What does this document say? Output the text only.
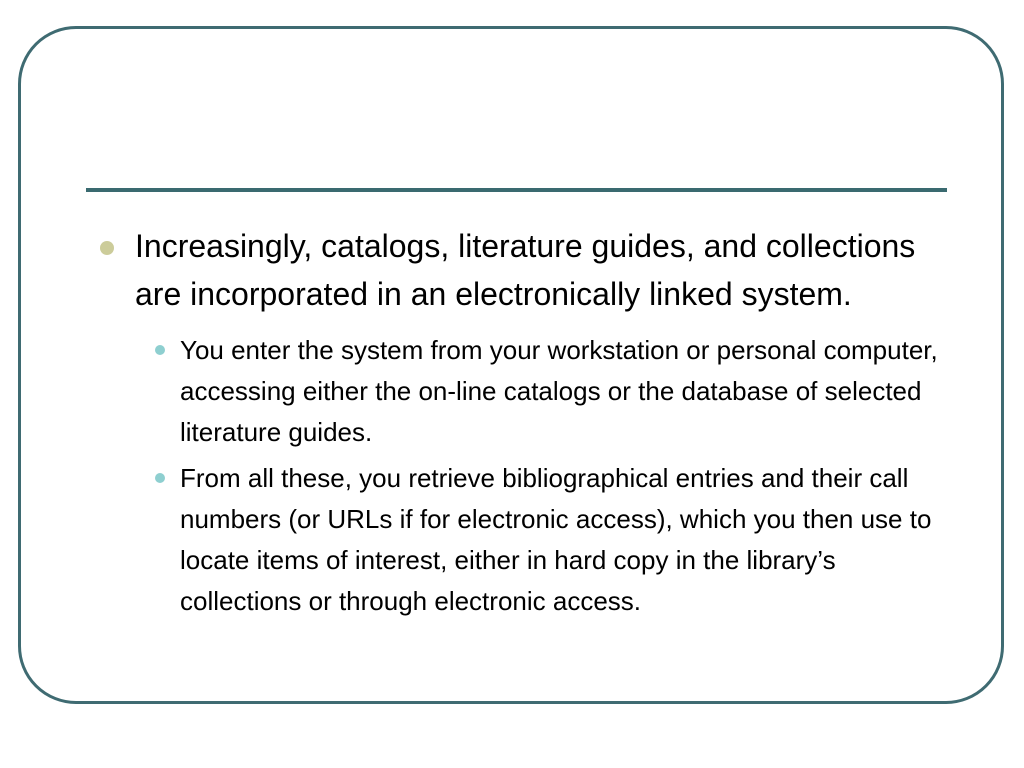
Increasingly, catalogs, literature guides, and collections are incorporated in an electronically linked system.
You enter the system from your workstation or personal computer, accessing either the on-line catalogs or the database of selected literature guides.
From all these, you retrieve bibliographical entries and their call numbers (or URLs if for electronic access), which you then use to locate items of interest, either in hard copy in the library’s collections or through electronic access.
